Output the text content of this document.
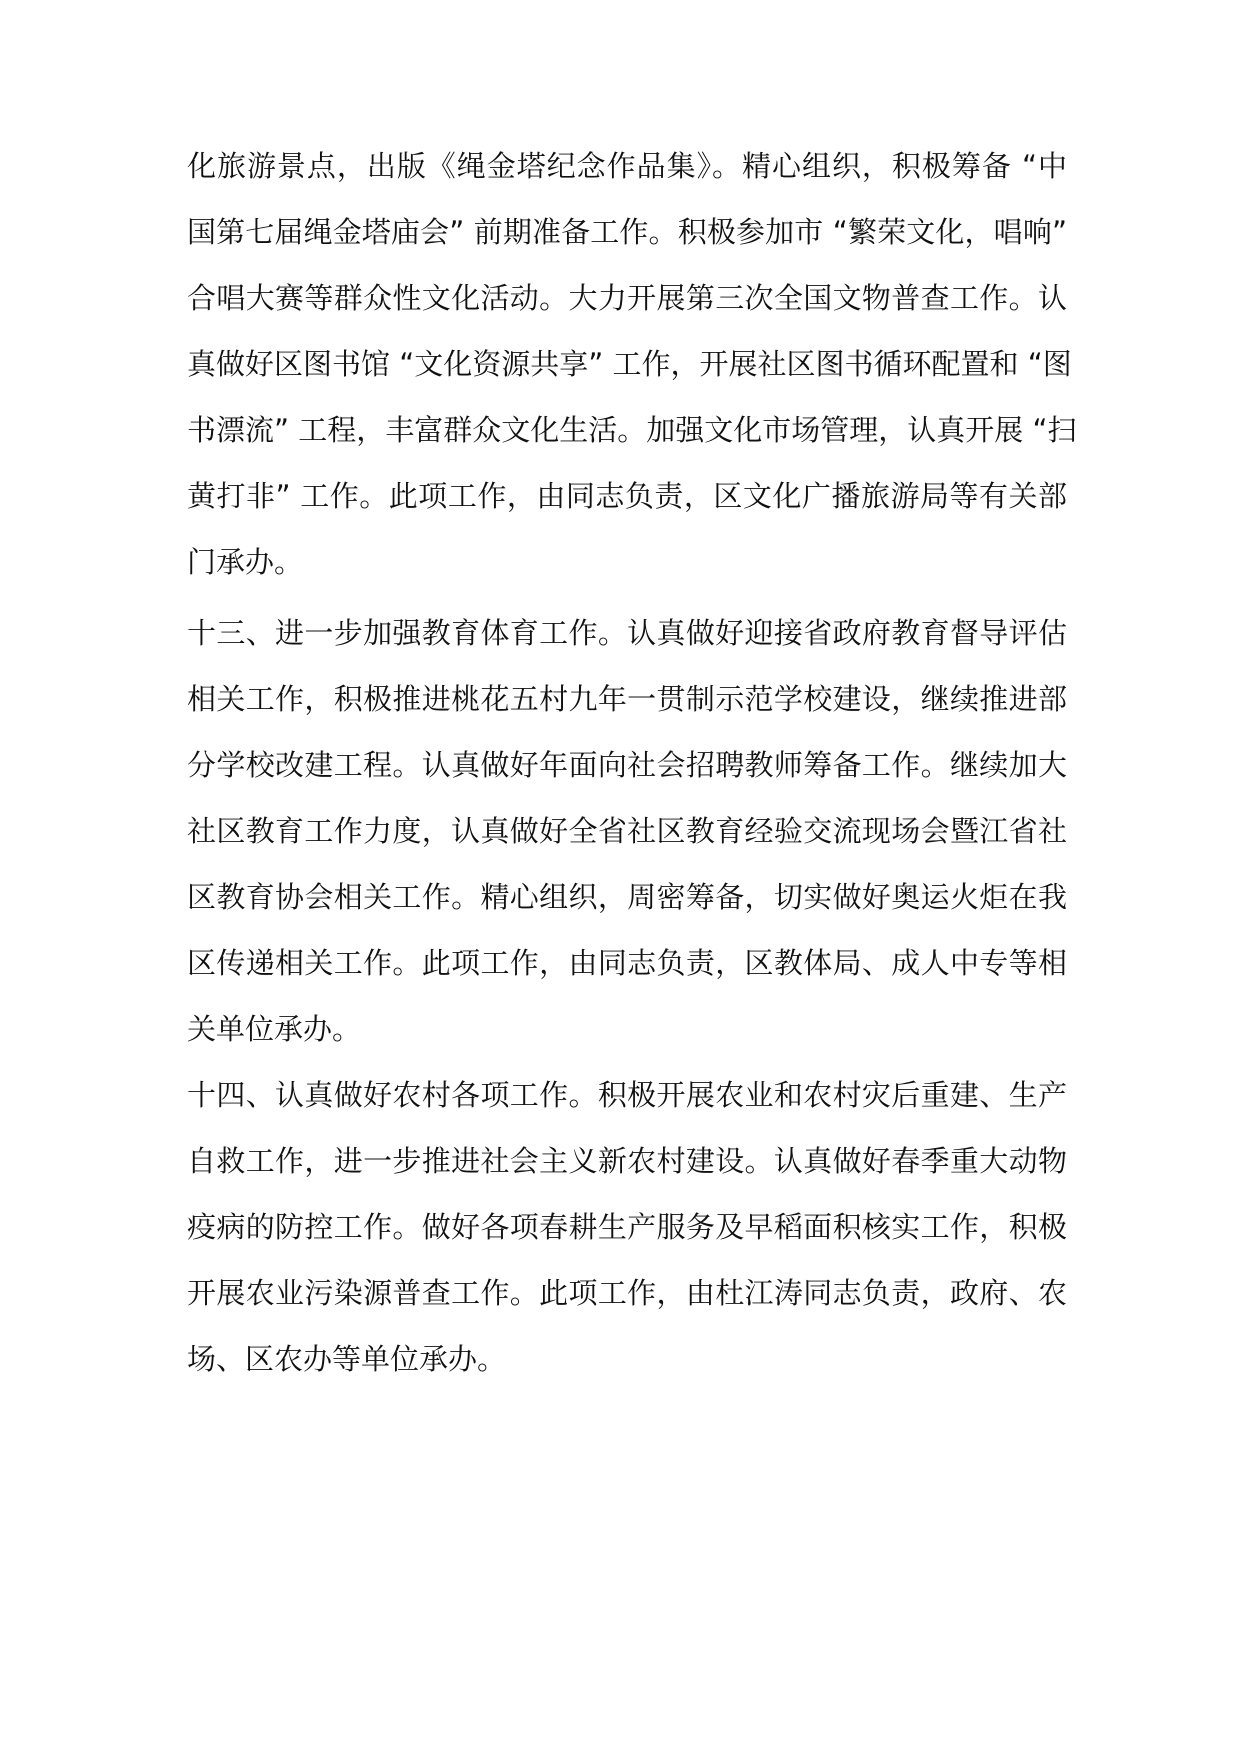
化旅游景点，出版《绳金塔纪念作品集》。精心组织，积极筹备 “中
国第七届绳金塔庙会” 前期准备工作。积极参加市 “繁荣文化，唱响”
合唱大赛等群众性文化活动。大力开展第三次全国文物普查工作。认
真做好区图书馆 “文化资源共享” 工作，开展社区图书循环配置和 “图
书漂流” 工程，丰富群众文化生活。加强文化市场管理，认真开展 “扫
黄打非” 工作。此项工作，由同志负责，区文化广播旅游局等有关部
门承办。

十三、进一步加强教育体育工作。认真做好迎接省政府教育督导评估
相关工作，积极推进桃花五村九年一贯制示范学校建设，继续推进部
分学校改建工程。认真做好年面向社会招聘教师筹备工作。继续加大
社区教育工作力度，认真做好全省社区教育经验交流现场会暨江省社
区教育协会相关工作。精心组织，周密筹备，切实做好奥运火炬在我
区传递相关工作。此项工作，由同志负责，区教体局、成人中专等相
关单位承办。

十四、认真做好农村各项工作。积极开展农业和农村灾后重建、生产
自救工作，进一步推进社会主义新农村建设。认真做好春季重大动物
疫病的防控工作。做好各项春耕生产服务及早稻面积核实工作，积极
开展农业污染源普查工作。此项工作，由杜江涛同志负责，政府、农
场、区农办等单位承办。
